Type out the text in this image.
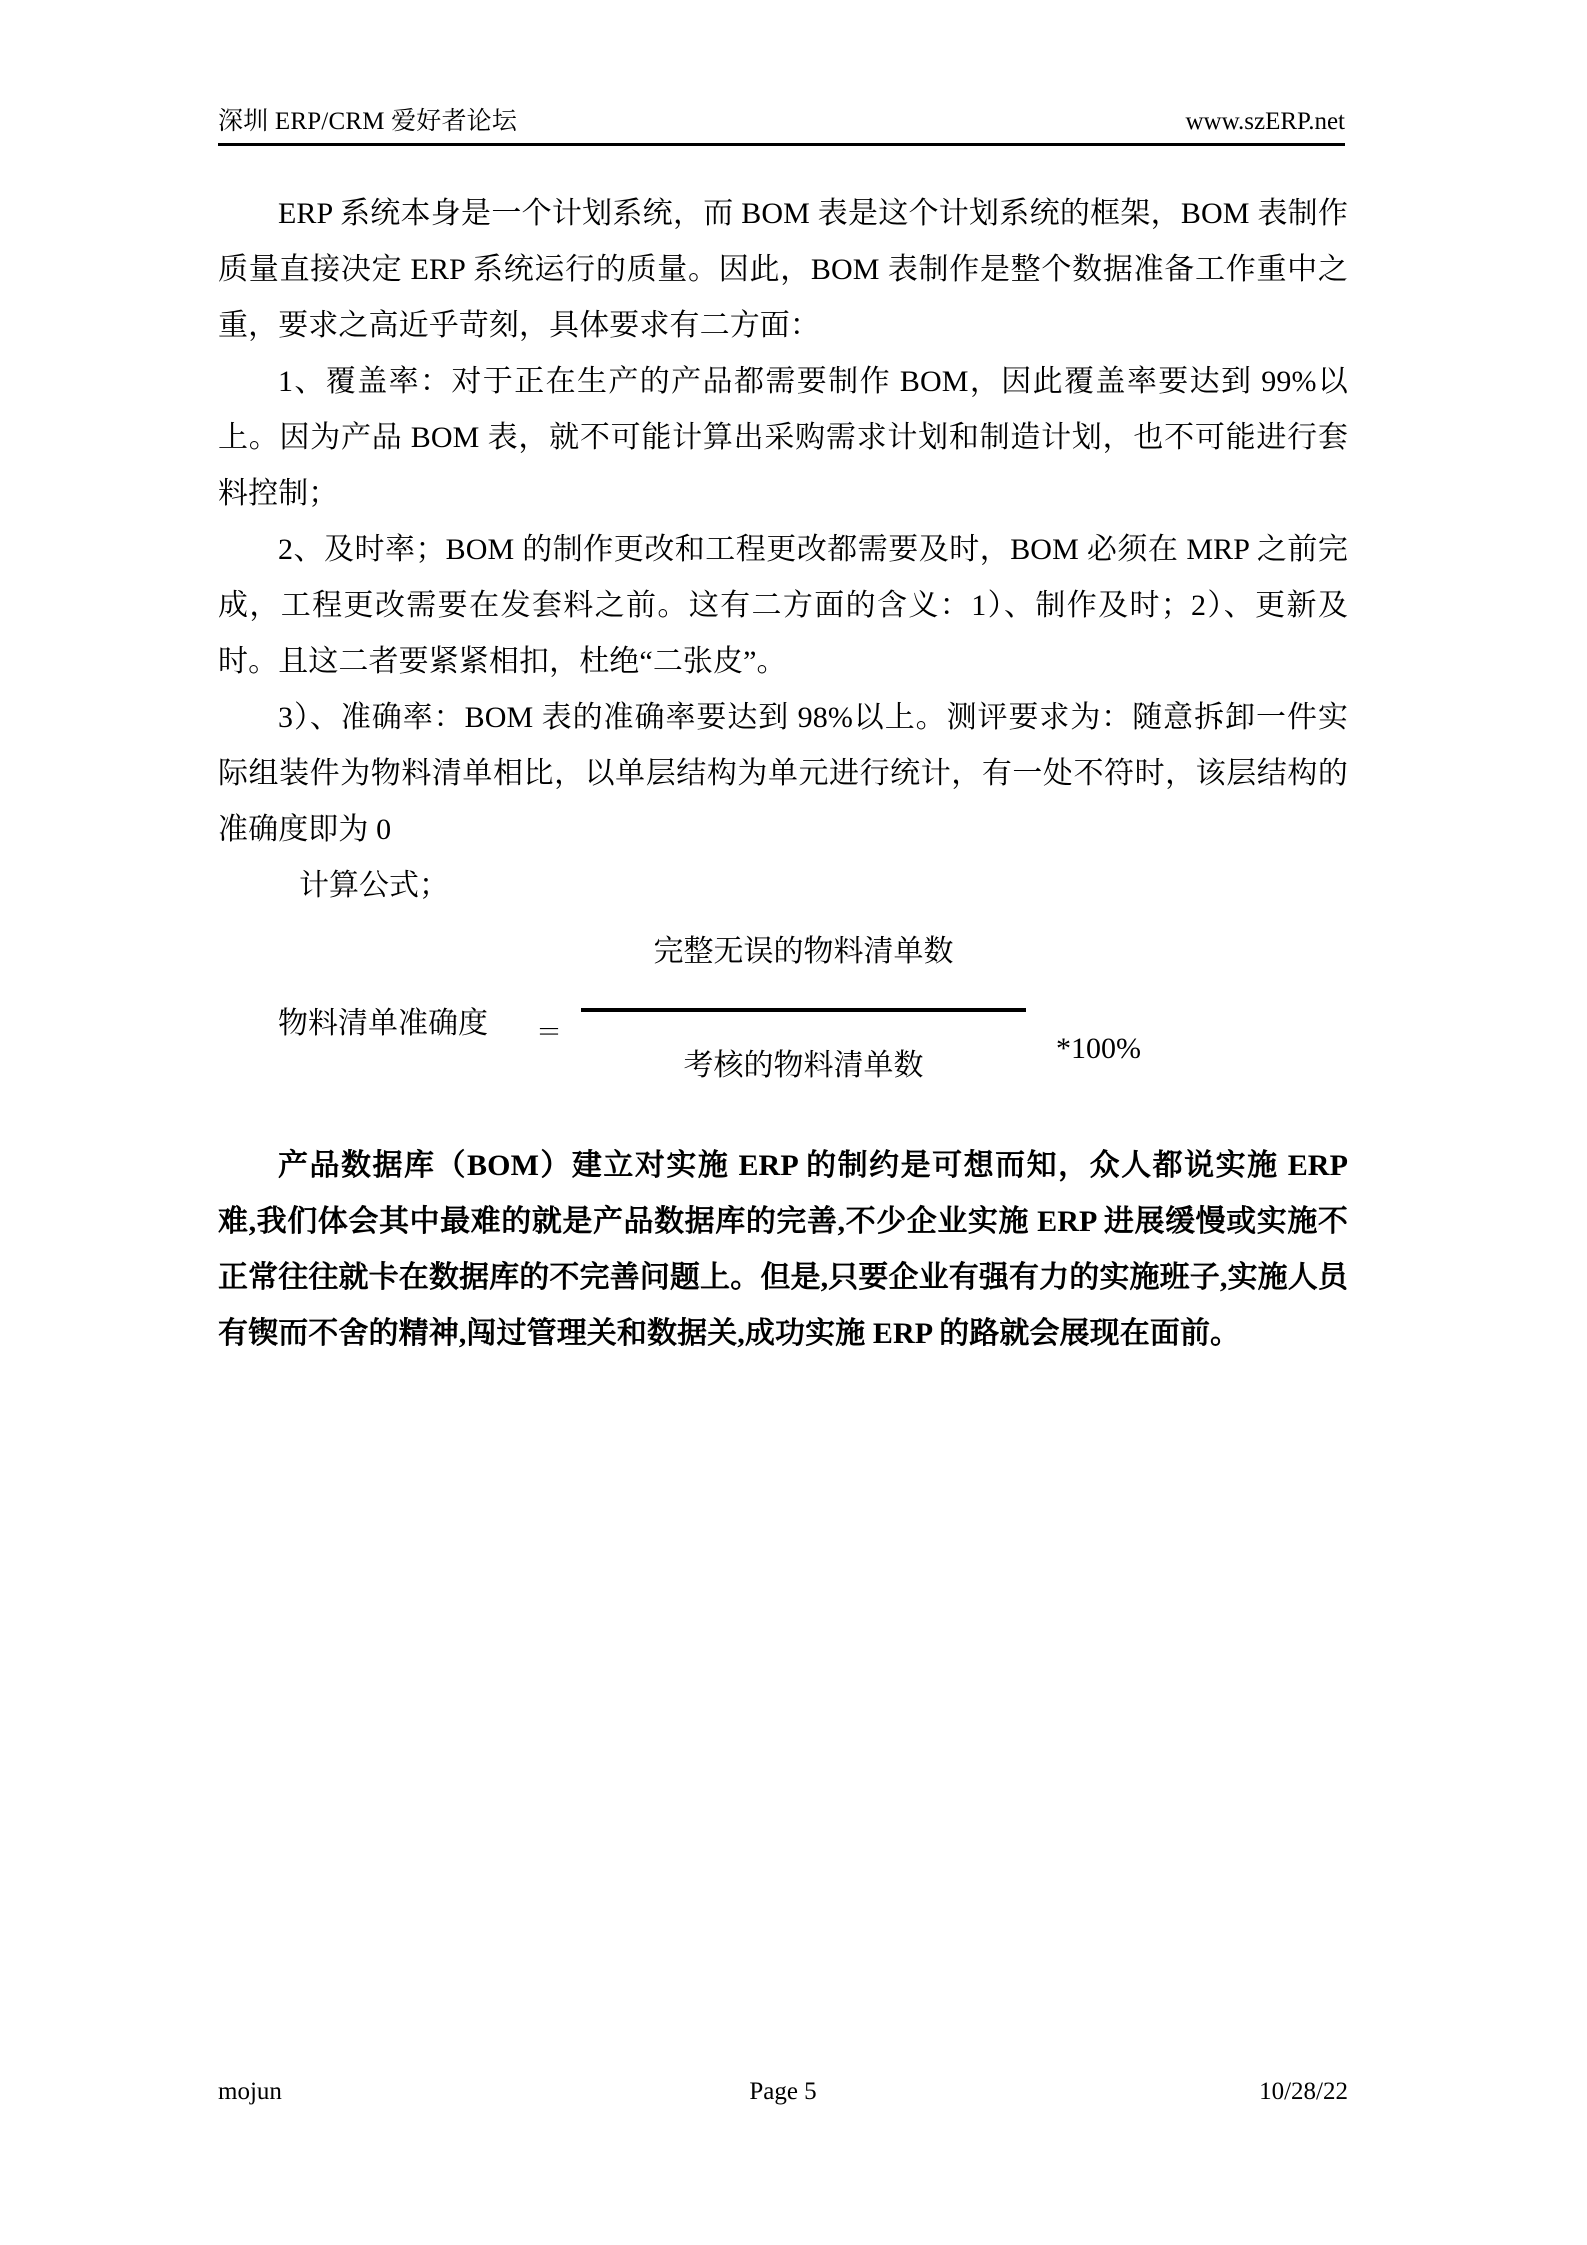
深圳 ERP/CRM 爱好者论坛	www.szERP.net

ERP 系统本身是一个计划系统，而 BOM 表是这个计划系统的框架，BOM 表制作质量直接决定 ERP 系统运行的质量。因此，BOM 表制作是整个数据准备工作重中之重，要求之高近乎苛刻，具体要求有二方面：

1、覆盖率：对于正在生产的产品都需要制作 BOM，因此覆盖率要达到 99%以上。因为产品 BOM 表，就不可能计算出采购需求计划和制造计划，也不可能进行套料控制；

2、及时率；BOM 的制作更改和工程更改都需要及时，BOM 必须在 MRP 之前完成，工程更改需要在发套料之前。这有二方面的含义：1）、制作及时；2）、更新及时。且这二者要紧紧相扣，杜绝“二张皮”。

3）、准确率：BOM 表的准确率要达到 98%以上。测评要求为：随意拆卸一件实际组装件为物料清单相比，以单层结构为单元进行统计，有一处不符时，该层结构的准确度即为 0

计算公式；

物料清单准确度 ＝
完整无误的物料清单数
考核的物料清单数
*100%

产品数据库（BOM）建立对实施 ERP 的制约是可想而知，众人都说实施 ERP 难,我们体会其中最难的就是产品数据库的完善,不少企业实施 ERP 进展缓慢或实施不正常往往就卡在数据库的不完善问题上。但是,只要企业有强有力的实施班子,实施人员有锲而不舍的精神,闯过管理关和数据关,成功实施 ERP 的路就会展现在面前。

mojun	Page 5	10/28/22
